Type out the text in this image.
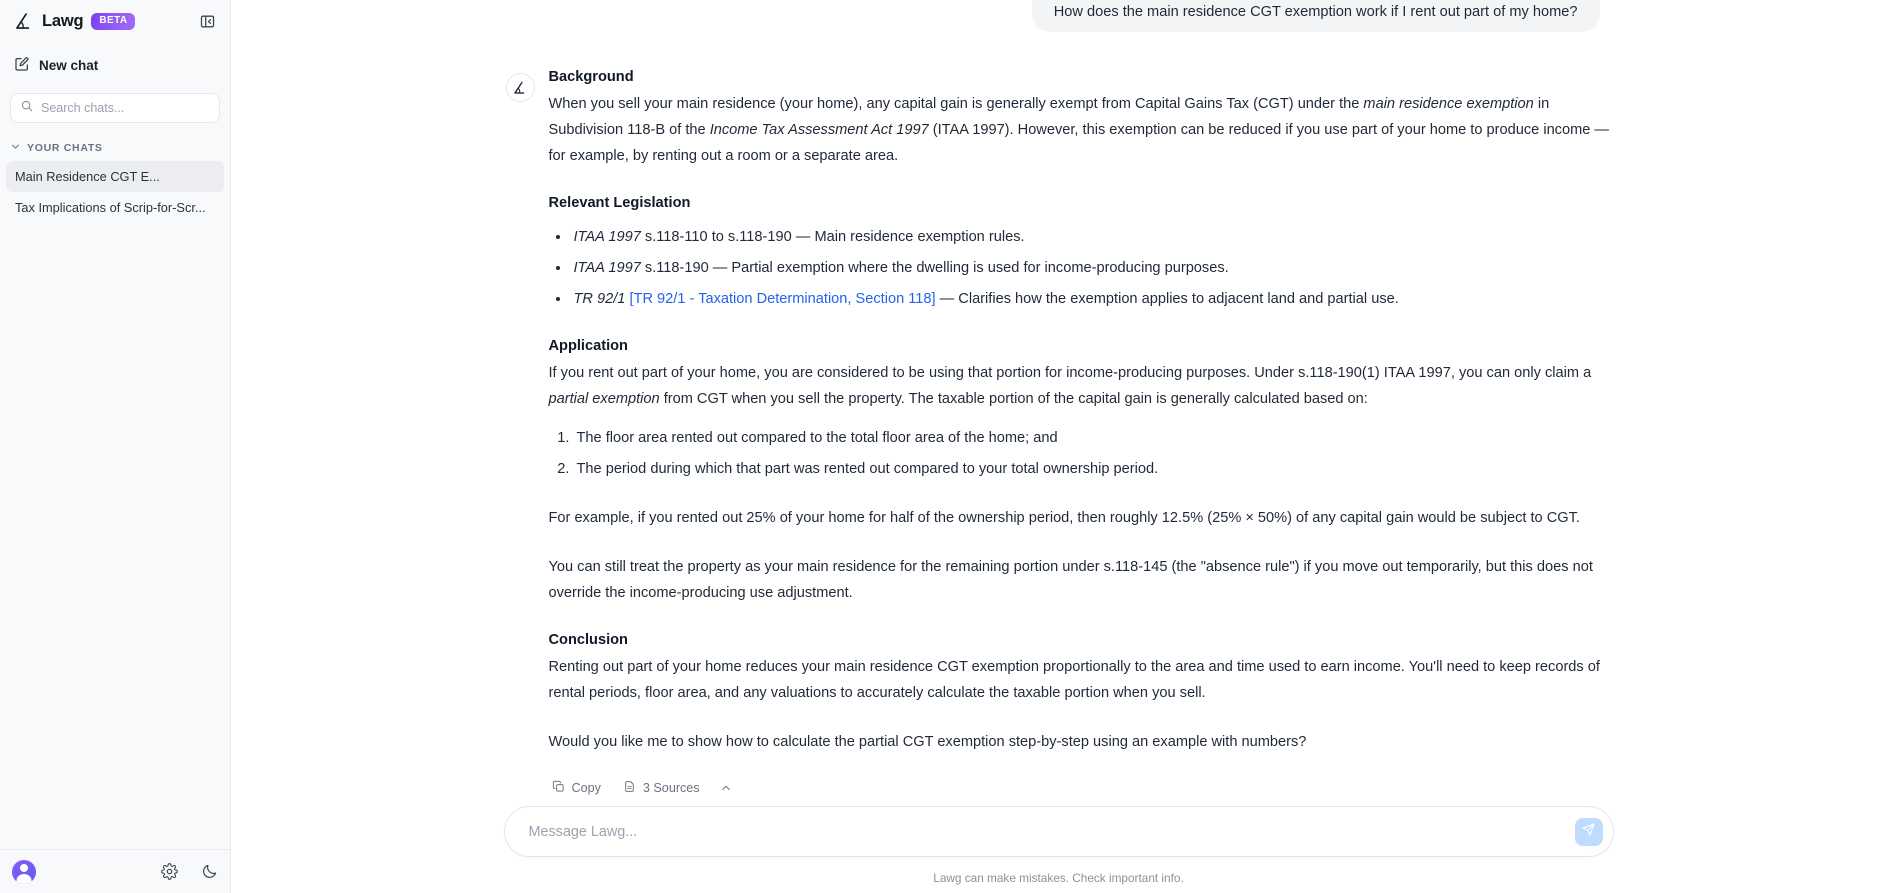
Lawg	BETA
New chat
Search chats...
YOUR CHATS
Main Residence CGT E...
Tax Implications of Scrip-for-Scr...
How does the main residence CGT exemption work if I rent out part of my home?
Background

When you sell your main residence (your home), any capital gain is generally exempt from Capital Gains Tax (CGT) under the main residence exemption in Subdivision 118-B of the Income Tax Assessment Act 1997 (ITAA 1997). However, this exemption can be reduced if you use part of your home to produce income — for example, by renting out a room or a separate area.

Relevant Legislation
• ITAA 1997 s.118-110 to s.118-190 — Main residence exemption rules.
• ITAA 1997 s.118-190 — Partial exemption where the dwelling is used for income-producing purposes.
• TR 92/1 [TR 92/1 - Taxation Determination, Section 118] — Clarifies how the exemption applies to adjacent land and partial use.
Application

If you rent out part of your home, you are considered to be using that portion for income-producing purposes. Under s.118-190(1) ITAA 1997, you can only claim a partial exemption from CGT when you sell the property. The taxable portion of the capital gain is generally calculated based on:

1. The floor area rented out compared to the total floor area of the home; and
2. The period during which that part was rented out compared to your total ownership period.

For example, if you rented out 25% of your home for half of the ownership period, then roughly 12.5% (25% × 50%) of any capital gain would be subject to CGT.

You can still treat the property as your main residence for the remaining portion under s.118-145 (the "absence rule") if you move out temporarily, but this does not override the income-producing use adjustment.

Conclusion

Renting out part of your home reduces your main residence CGT exemption proportionally to the area and time used to earn income. You'll need to keep records of rental periods, floor area, and any valuations to accurately calculate the taxable portion when you sell.

Would you like me to show how to calculate the partial CGT exemption step-by-step using an example with numbers?

Copy	3 Sources
Message Lawg...
Lawg can make mistakes. Check important info.
